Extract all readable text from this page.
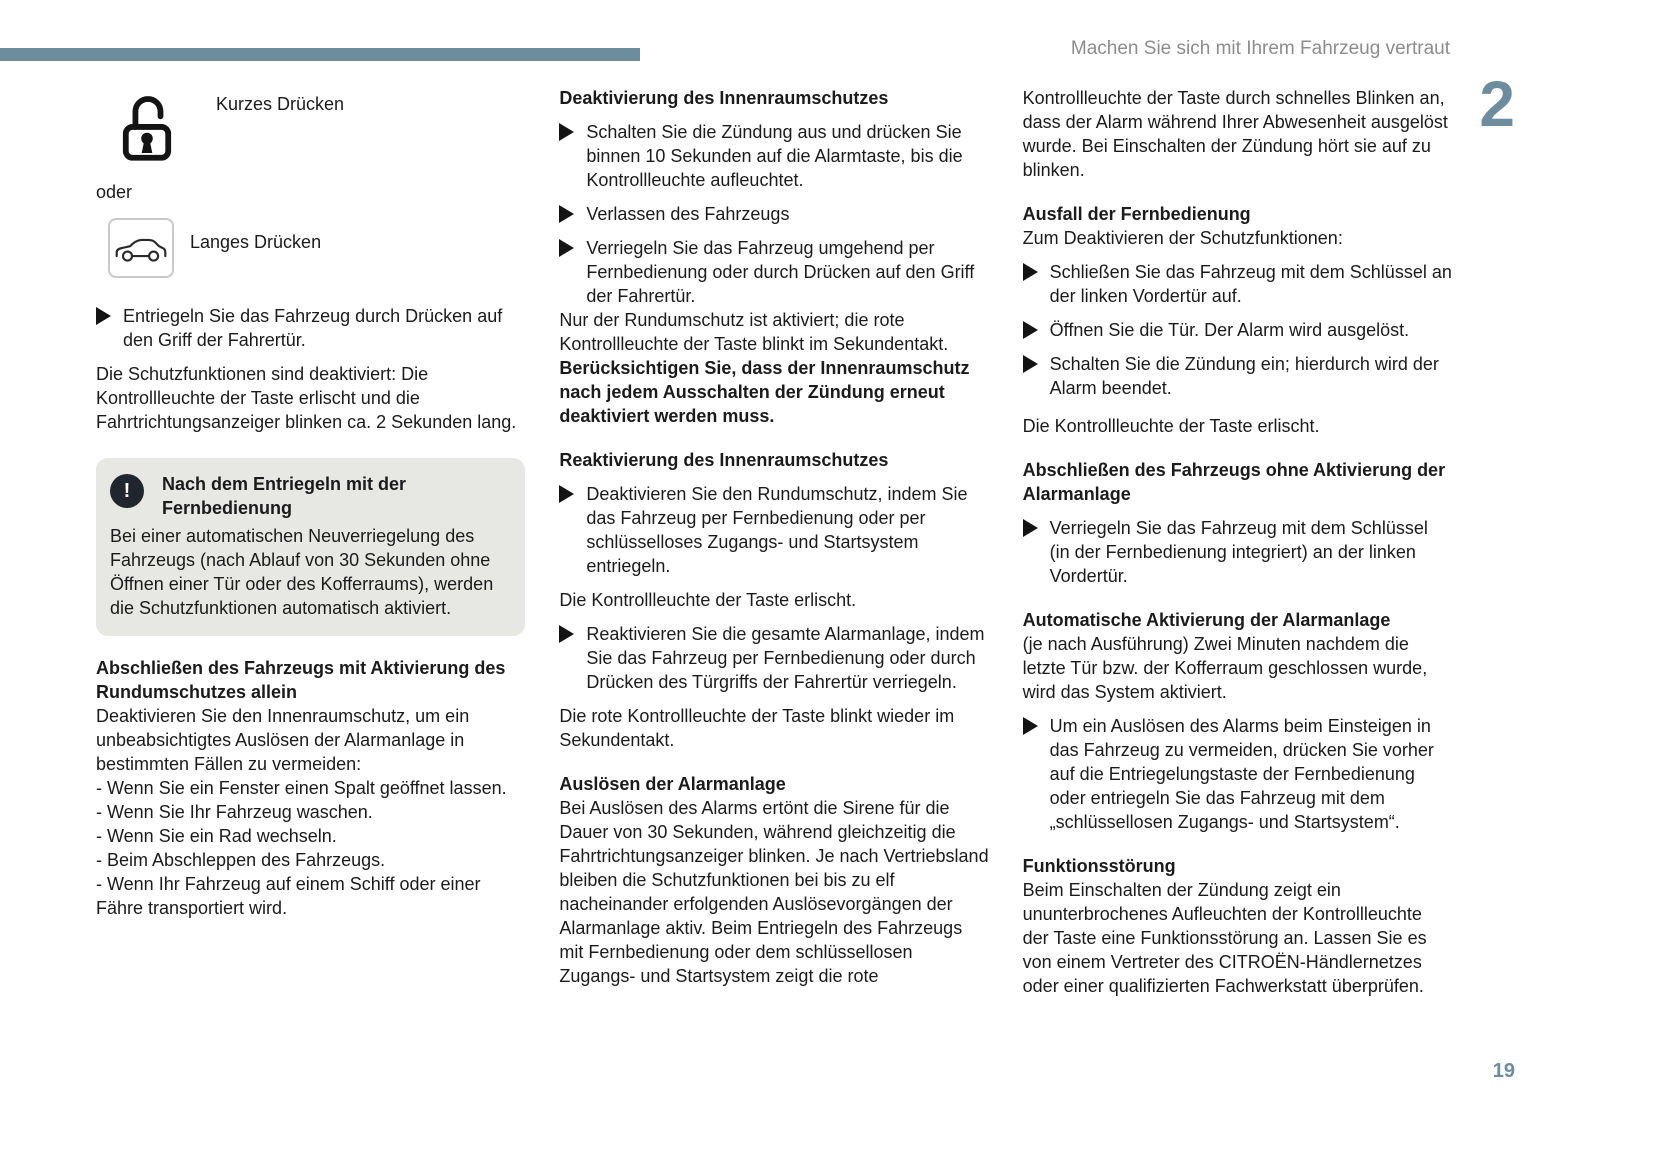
Machen Sie sich mit Ihrem Fahrzeug vertraut
2
Kurzes Drücken
oder
Langes Drücken
Entriegeln Sie das Fahrzeug durch Drücken auf den Griff der Fahrertür.

Die Schutzfunktionen sind deaktiviert: Die Kontrollleuchte der Taste erlischt und die Fahrtrichtungsanzeiger blinken ca. 2 Sekunden lang.

!	Nach dem Entriegeln mit der Fernbedienung
Bei einer automatischen Neuverriegelung des Fahrzeugs (nach Ablauf von 30 Sekunden ohne Öffnen einer Tür oder des Kofferraums), werden die Schutzfunktionen automatisch aktiviert.
Abschließen des Fahrzeugs mit Aktivierung des Rundumschutzes allein

Deaktivieren Sie den Innenraumschutz, um ein unbeabsichtigtes Auslösen der Alarmanlage in bestimmten Fällen zu vermeiden:

- Wenn Sie ein Fenster einen Spalt geöffnet lassen.

- Wenn Sie Ihr Fahrzeug waschen.

- Wenn Sie ein Rad wechseln.

- Beim Abschleppen des Fahrzeugs.

- Wenn Ihr Fahrzeug auf einem Schiff oder einer Fähre transportiert wird.

Deaktivierung des Innenraumschutzes
Schalten Sie die Zündung aus und drücken Sie binnen 10 Sekunden auf die Alarmtaste, bis die Kontrollleuchte aufleuchtet.
Verlassen des Fahrzeugs
Verriegeln Sie das Fahrzeug umgehend per Fernbedienung oder durch Drücken auf den Griff der Fahrertür.

Nur der Rundumschutz ist aktiviert; die rote Kontrollleuchte der Taste blinkt im Sekundentakt.

Berücksichtigen Sie, dass der Innenraumschutz nach jedem Ausschalten der Zündung erneut deaktiviert werden muss.

Reaktivierung des Innenraumschutzes
Deaktivieren Sie den Rundumschutz, indem Sie das Fahrzeug per Fernbedienung oder per schlüsselloses Zugangs- und Startsystem entriegeln.

Die Kontrollleuchte der Taste erlischt.

Reaktivieren Sie die gesamte Alarmanlage, indem Sie das Fahrzeug per Fernbedienung oder durch Drücken des Türgriffs der Fahrertür verriegeln.

Die rote Kontrollleuchte der Taste blinkt wieder im Sekundentakt.

Auslösen der Alarmanlage

Bei Auslösen des Alarms ertönt die Sirene für die Dauer von 30 Sekunden, während gleichzeitig die Fahrtrichtungsanzeiger blinken. Je nach Vertriebsland bleiben die Schutzfunktionen bei bis zu elf nacheinander erfolgenden Auslösevorgängen der Alarmanlage aktiv. Beim Entriegeln des Fahrzeugs mit Fernbedienung oder dem schlüssellosen Zugangs- und Startsystem zeigt die rote

Kontrollleuchte der Taste durch schnelles Blinken an, dass der Alarm während Ihrer Abwesenheit ausgelöst wurde. Bei Einschalten der Zündung hört sie auf zu blinken.

Ausfall der Fernbedienung

Zum Deaktivieren der Schutzfunktionen:

Schließen Sie das Fahrzeug mit dem Schlüssel an der linken Vordertür auf.
Öffnen Sie die Tür. Der Alarm wird ausgelöst.
Schalten Sie die Zündung ein; hierdurch wird der Alarm beendet.

Die Kontrollleuchte der Taste erlischt.

Abschließen des Fahrzeugs ohne Aktivierung der Alarmanlage
Verriegeln Sie das Fahrzeug mit dem Schlüssel (in der Fernbedienung integriert) an der linken Vordertür.
Automatische Aktivierung der Alarmanlage

(je nach Ausführung) Zwei Minuten nachdem die letzte Tür bzw. der Kofferraum geschlossen wurde, wird das System aktiviert.

Um ein Auslösen des Alarms beim Einsteigen in das Fahrzeug zu vermeiden, drücken Sie vorher auf die Entriegelungstaste der Fernbedienung oder entriegeln Sie das Fahrzeug mit dem „schlüssellosen Zugangs- und Startsystem“.
Funktionsstörung

Beim Einschalten der Zündung zeigt ein ununterbrochenes Aufleuchten der Kontrollleuchte der Taste eine Funktionsstörung an. Lassen Sie es von einem Vertreter des CITROËN-Händlernetzes oder einer qualifizierten Fachwerkstatt überprüfen.

19
